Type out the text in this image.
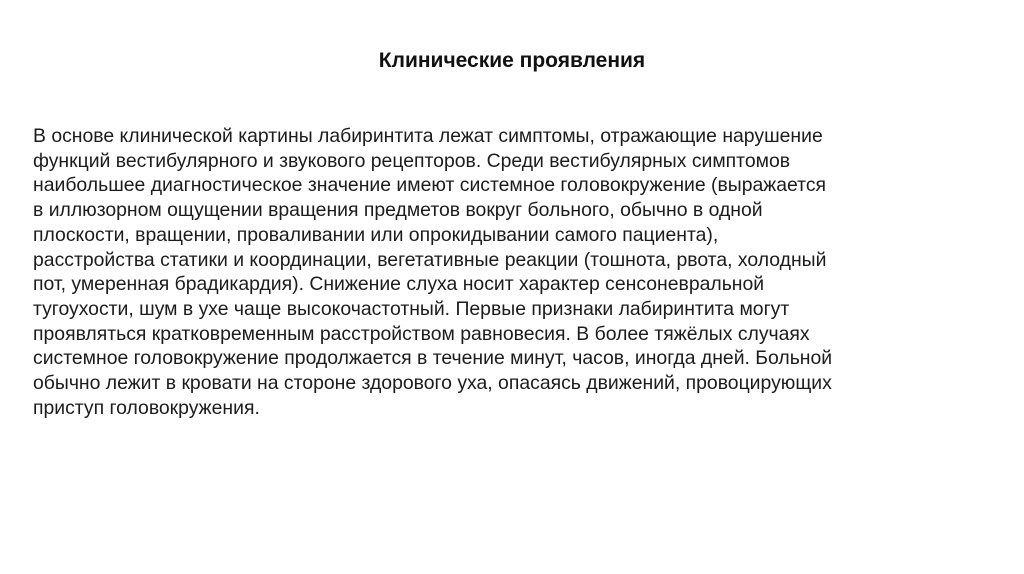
Клинические проявления
В основе клинической картины лабиринтита лежат симптомы, отражающие нарушение
функций вестибулярного и звукового рецепторов. Среди вестибулярных симптомов
наибольшее диагностическое значение имеют системное головокружение (выражается
в иллюзорном ощущении вращения предметов вокруг больного, обычно в одной
плоскости, вращении, проваливании или опрокидывании самого пациента),
расстройства статики и координации, вегетативные реакции (тошнота, рвота, холодный
пот, умеренная брадикардия). Снижение слуха носит характер сенсоневральной
тугоухости, шум в ухе чаще высокочастотный. Первые признаки лабиринтита могут
проявляться кратковременным расстройством равновесия. В более тяжёлых случаях
системное головокружение продолжается в течение минут, часов, иногда дней. Больной
обычно лежит в кровати на стороне здорового уха, опасаясь движений, провоцирующих
приступ головокружения.
